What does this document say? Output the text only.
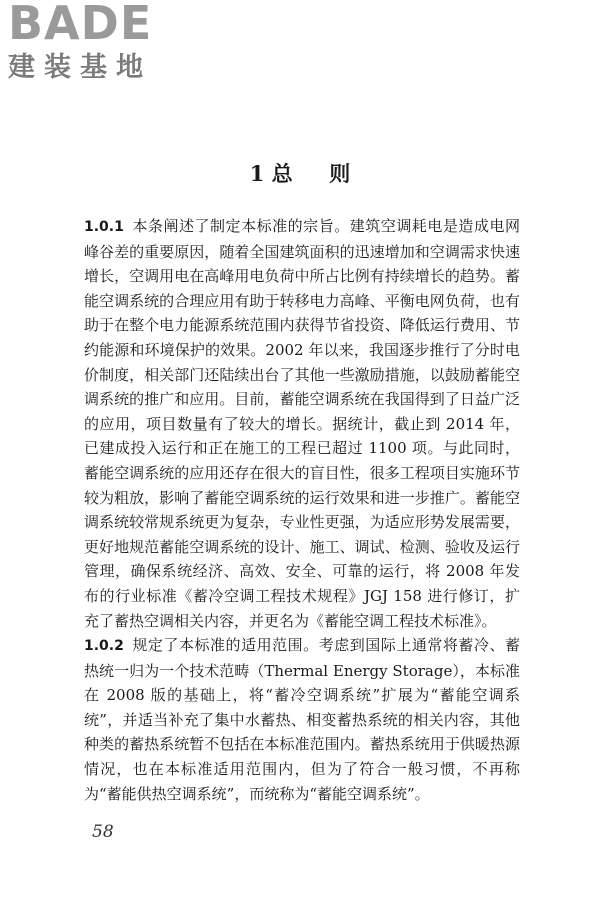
BADE
建装基地
1 总     则

1.0.1 本条阐述了制定本标准的宗旨。建筑空调耗电是造成电网峰谷差的重要原因，随着全国建筑面积的迅速增加和空调需求快速增长，空调用电在高峰用电负荷中所占比例有持续增长的趋势。蓄能空调系统的合理应用有助于转移电力高峰、平衡电网负荷，也有助于在整个电力能源系统范围内获得节省投资、降低运行费用、节约能源和环境保护的效果。2002 年以来，我国逐步推行了分时电价制度，相关部门还陆续出台了其他一些激励措施，以鼓励蓄能空调系统的推广和应用。目前，蓄能空调系统在我国得到了日益广泛的应用，项目数量有了较大的增长。据统计，截止到 2014 年，已建成投入运行和正在施工的工程已超过 1100 项。与此同时，蓄能空调系统的应用还存在很大的盲目性，很多工程项目实施环节较为粗放，影响了蓄能空调系统的运行效果和进一步推广。蓄能空调系统较常规系统更为复杂，专业性更强，为适应形势发展需要，更好地规范蓄能空调系统的设计、施工、调试、检测、验收及运行管理，确保系统经济、高效、安全、可靠的运行，将 2008 年发布的行业标准《蓄冷空调工程技术规程》JGJ 158 进行修订，扩充了蓄热空调相关内容，并更名为《蓄能空调工程技术标准》。

1.0.2 规定了本标准的适用范围。考虑到国际上通常将蓄冷、蓄热统一归为一个技术范畴（Thermal Energy Storage），本标准在 2008 版的基础上，将“蓄冷空调系统”扩展为“蓄能空调系统”，并适当补充了集中水蓄热、相变蓄热系统的相关内容，其他种类的蓄热系统暂不包括在本标准范围内。蓄热系统用于供暖热源情况，也在本标准适用范围内，但为了符合一般习惯，不再称为“蓄能供热空调系统”，而统称为“蓄能空调系统”。

58
